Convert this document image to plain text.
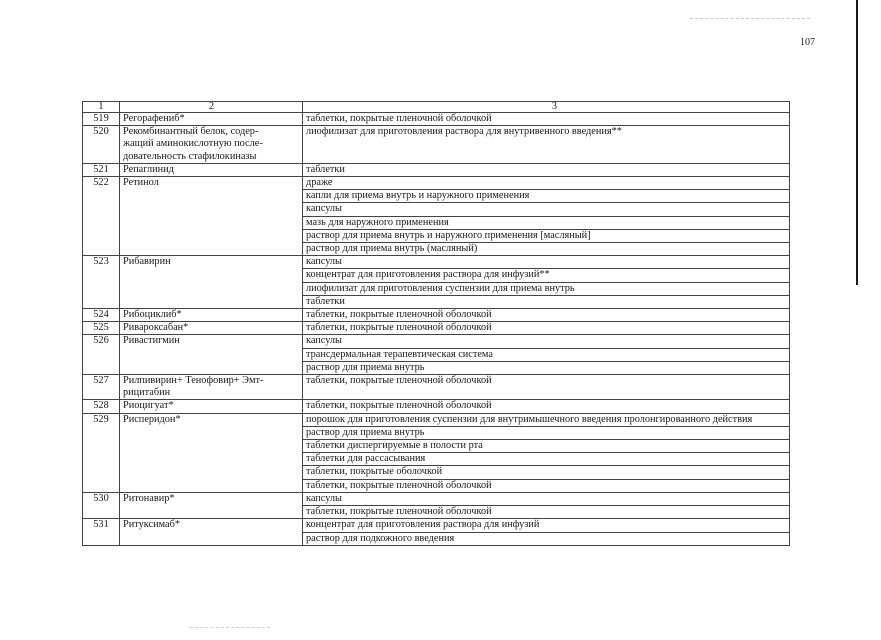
107
1	2	3
519	Регорафениб*	таблетки, покрытые пленочной оболочкой
520	Рекомбинантный белок, содер-
жащий аминокислотную после-
довательность стафилокиназы	лиофилизат для приготовления раствора для внутривенного введения**
521	Репаглинид	таблетки
522	Ретинол	драже
		капли для приема внутрь и наружного применения
		капсулы
		мазь для наружного применения
		раствор для приема внутрь и наружного применения [масляный]
		раствор для приема внутрь (масляный)
523	Рибавирин	капсулы
		концентрат для приготовления раствора для инфузий**
		лиофилизат для приготовления суспензии для приема внутрь
		таблетки
524	Рибоциклиб*	таблетки, покрытые пленочной оболочкой
525	Ривароксабан*	таблетки, покрытые пленочной оболочкой
526	Ривастигмин	капсулы
		трансдермальная терапевтическая система
		раствор для приема внутрь
527	Рилпивирин+ Тенофовир+ Эмт-
рицитабин	таблетки, покрытые пленочной оболочкой
528	Риоцигуат*	таблетки, покрытые пленочной оболочкой
529	Рисперидон*	порошок для приготовления суспензии для внутримышечного введения пролонгированного действия
		раствор для приема внутрь
		таблетки диспергируемые в полости рта
		таблетки для рассасывания
		таблетки, покрытые оболочкой
		таблетки, покрытые пленочной оболочкой
530	Ритонавир*	капсулы
		таблетки, покрытые пленочной оболочкой
531	Ритуксимаб*	концентрат для приготовления раствора для инфузий
		раствор для подкожного введения
